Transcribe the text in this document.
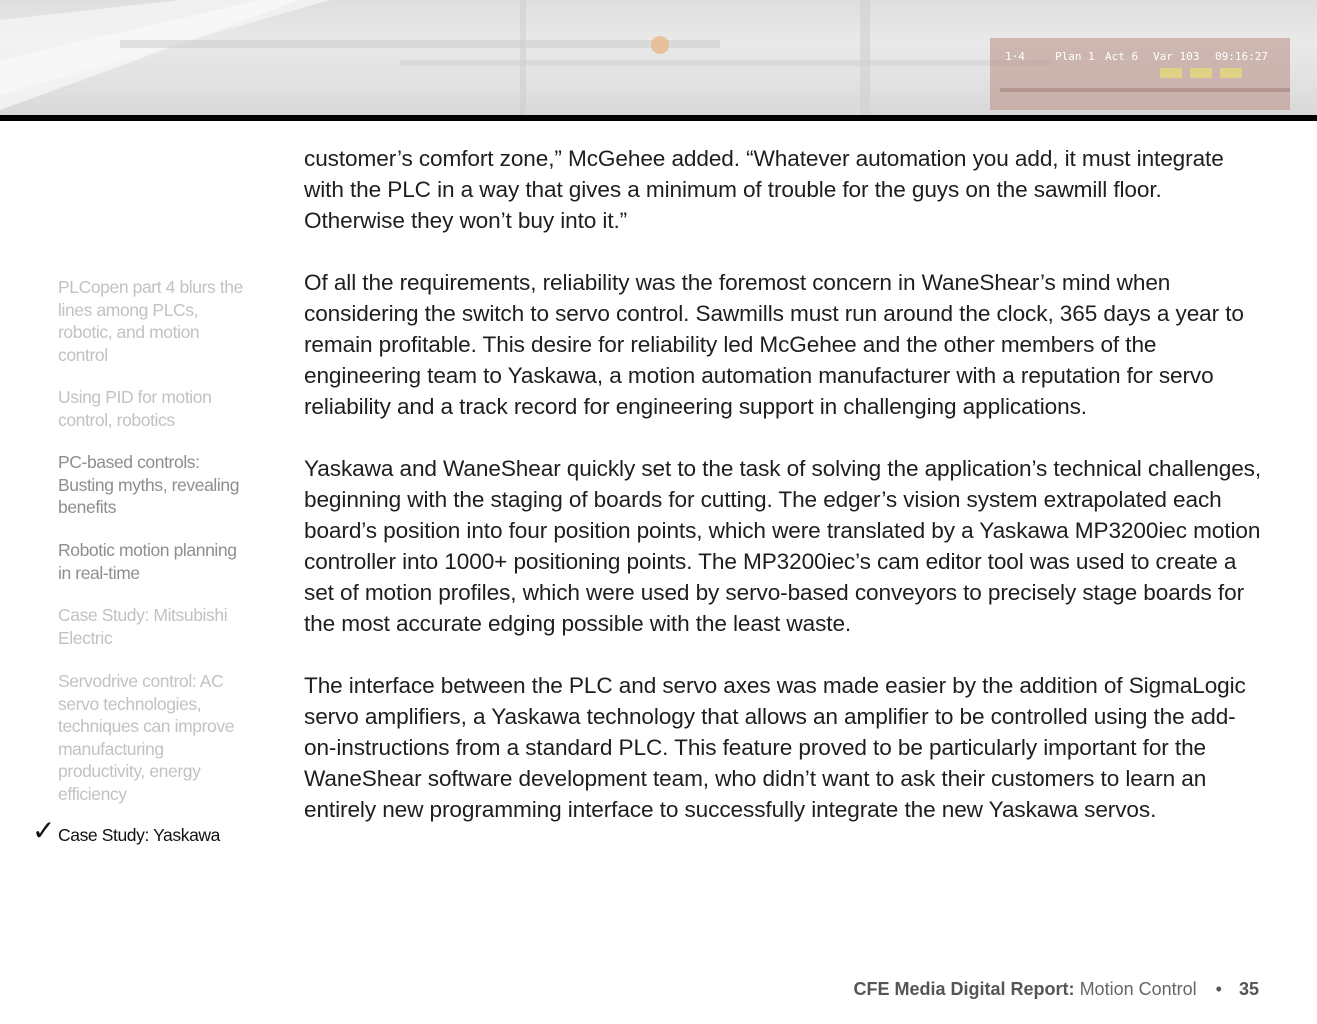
1·4	Plan 1 Act 6 Var 103 09:16:27
PLCopen part 4 blurs the lines among PLCs, robotic, and motion control
Using PID for motion control, robotics
PC-based controls: Busting myths, revealing benefits
Robotic motion planning in real-time
Case Study: Mitsubishi Electric
Servodrive control: AC servo technologies, techniques can improve manufacturing productivity, energy efficiency
✓ Case Study: Yaskawa

customer’s comfort zone,” McGehee added. “Whatever automation you add, it must integrate with the PLC in a way that gives a minimum of trouble for the guys on the sawmill floor. Otherwise they won’t buy into it.”

Of all the requirements, reliability was the foremost concern in WaneShear’s mind when considering the switch to servo control. Sawmills must run around the clock, 365 days a year to remain profitable. This desire for reliability led McGehee and the other members of the engineering team to Yaskawa, a motion automation manufacturer with a reputation for servo reliability and a track record for engineering support in challenging applications.

Yaskawa and WaneShear quickly set to the task of solving the application’s technical challenges, beginning with the staging of boards for cutting. The edger’s vision system extrapolated each board’s position into four position points, which were translated by a Yaskawa MP3200iec motion controller into 1000+ positioning points. The MP3200iec’s cam editor tool was used to create a set of motion profiles, which were used by servo-based conveyors to precisely stage boards for the most accurate edging possible with the least waste.

The interface between the PLC and servo axes was made easier by the addition of SigmaLogic servo amplifiers, a Yaskawa technology that allows an amplifier to be controlled using the add-on-instructions from a standard PLC. This feature proved to be particularly important for the WaneShear software development team, who didn’t want to ask their customers to learn an entirely new programming interface to successfully integrate the new Yaskawa servos.

CFE Media Digital Report: Motion Control • 35
